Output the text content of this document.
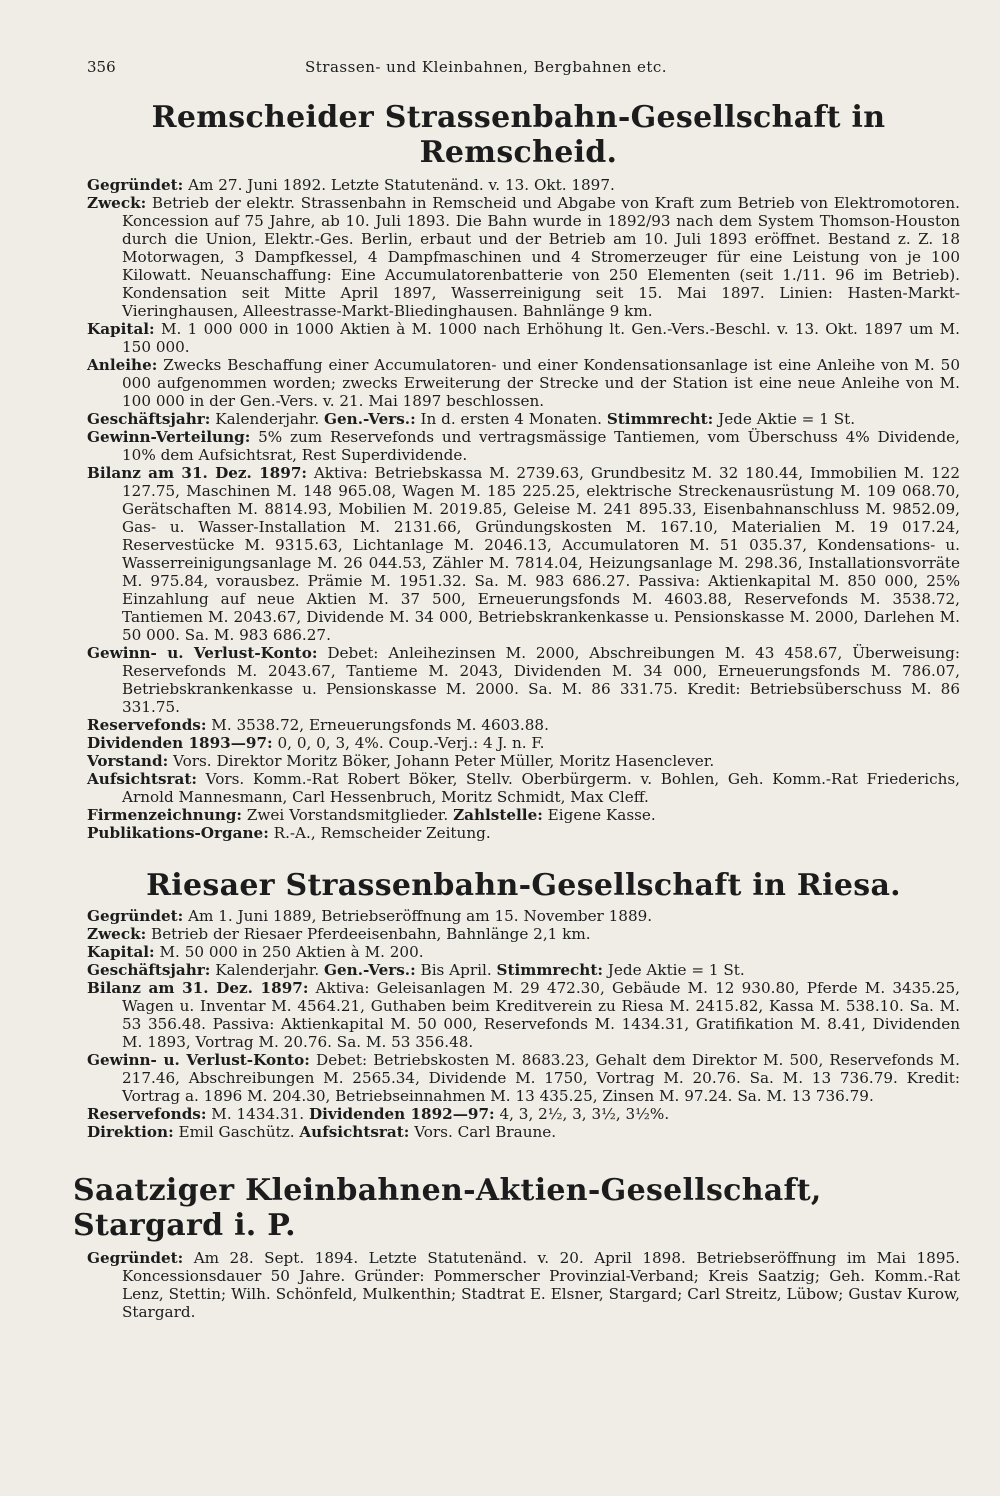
356	Strassen- und Kleinbahnen, Bergbahnen etc.
Remscheider Strassenbahn-Gesellschaft in Remscheid.

Gegründet: Am 27. Juni 1892. Letzte Statutenänd. v. 13. Okt. 1897.

Zweck: Betrieb der elektr. Strassenbahn in Remscheid und Abgabe von Kraft zum Betrieb von Elektromotoren. Koncession auf 75 Jahre, ab 10. Juli 1893. Die Bahn wurde in 1892/93 nach dem System Thomson-Houston durch die Union, Elektr.-Ges. Berlin, erbaut und der Betrieb am 10. Juli 1893 eröffnet. Bestand z. Z. 18 Motorwagen, 3 Dampfkessel, 4 Dampfmaschinen und 4 Stromerzeuger für eine Leistung von je 100 Kilowatt. Neuanschaffung: Eine Accumulatorenbatterie von 250 Elementen (seit 1./11. 96 im Betrieb). Kondensation seit Mitte April 1897, Wasserreinigung seit 15. Mai 1897. Linien: Hasten-Markt-Vieringhausen, Alleestrasse-Markt-Bliedinghausen. Bahnlänge 9 km.

Kapital: M. 1 000 000 in 1000 Aktien à M. 1000 nach Erhöhung lt. Gen.-Vers.-Beschl. v. 13. Okt. 1897 um M. 150 000.

Anleihe: Zwecks Beschaffung einer Accumulatoren- und einer Kondensationsanlage ist eine Anleihe von M. 50 000 aufgenommen worden; zwecks Erweiterung der Strecke und der Station ist eine neue Anleihe von M. 100 000 in der Gen.-Vers. v. 21. Mai 1897 beschlossen.

Geschäftsjahr: Kalenderjahr. Gen.-Vers.: In d. ersten 4 Monaten. Stimmrecht: Jede Aktie = 1 St.

Gewinn-Verteilung: 5% zum Reservefonds und vertragsmässige Tantiemen, vom Überschuss 4% Dividende, 10% dem Aufsichtsrat, Rest Superdividende.

Bilanz am 31. Dez. 1897: Aktiva: Betriebskassa M. 2739.63, Grundbesitz M. 32 180.44, Immobilien M. 122 127.75, Maschinen M. 148 965.08, Wagen M. 185 225.25, elektrische Streckenausrüstung M. 109 068.70, Gerätschaften M. 8814.93, Mobilien M. 2019.85, Geleise M. 241 895.33, Eisenbahnanschluss M. 9852.09, Gas- u. Wasser-Installation M. 2131.66, Gründungskosten M. 167.10, Materialien M. 19 017.24, Reservestücke M. 9315.63, Lichtanlage M. 2046.13, Accumulatoren M. 51 035.37, Kondensations- u. Wasserreinigungsanlage M. 26 044.53, Zähler M. 7814.04, Heizungsanlage M. 298.36, Installationsvorräte M. 975.84, vorausbez. Prämie M. 1951.32. Sa. M. 983 686.27. Passiva: Aktienkapital M. 850 000, 25% Einzahlung auf neue Aktien M. 37 500, Erneuerungsfonds M. 4603.88, Reservefonds M. 3538.72, Tantiemen M. 2043.67, Dividende M. 34 000, Betriebskrankenkasse u. Pensionskasse M. 2000, Darlehen M. 50 000. Sa. M. 983 686.27.

Gewinn- u. Verlust-Konto: Debet: Anleihezinsen M. 2000, Abschreibungen M. 43 458.67, Überweisung: Reservefonds M. 2043.67, Tantieme M. 2043, Dividenden M. 34 000, Erneuerungsfonds M. 786.07, Betriebskrankenkasse u. Pensionskasse M. 2000. Sa. M. 86 331.75. Kredit: Betriebsüberschuss M. 86 331.75.

Reservefonds: M. 3538.72, Erneuerungsfonds M. 4603.88.

Dividenden 1893—97: 0, 0, 0, 3, 4%. Coup.-Verj.: 4 J. n. F.

Vorstand: Vors. Direktor Moritz Böker, Johann Peter Müller, Moritz Hasenclever.

Aufsichtsrat: Vors. Komm.-Rat Robert Böker, Stellv. Oberbürgerm. v. Bohlen, Geh. Komm.-Rat Friederichs, Arnold Mannesmann, Carl Hessenbruch, Moritz Schmidt, Max Cleff.

Firmenzeichnung: Zwei Vorstandsmitglieder. Zahlstelle: Eigene Kasse.

Publikations-Organe: R.-A., Remscheider Zeitung.

Riesaer Strassenbahn-Gesellschaft in Riesa.

Gegründet: Am 1. Juni 1889, Betriebseröffnung am 15. November 1889.

Zweck: Betrieb der Riesaer Pferdeeisenbahn, Bahnlänge 2,1 km.

Kapital: M. 50 000 in 250 Aktien à M. 200.

Geschäftsjahr: Kalenderjahr. Gen.-Vers.: Bis April. Stimmrecht: Jede Aktie = 1 St.

Bilanz am 31. Dez. 1897: Aktiva: Geleisanlagen M. 29 472.30, Gebäude M. 12 930.80, Pferde M. 3435.25, Wagen u. Inventar M. 4564.21, Guthaben beim Kreditverein zu Riesa M. 2415.82, Kassa M. 538.10. Sa. M. 53 356.48. Passiva: Aktienkapital M. 50 000, Reservefonds M. 1434.31, Gratifikation M. 8.41, Dividenden M. 1893, Vortrag M. 20.76. Sa. M. 53 356.48.

Gewinn- u. Verlust-Konto: Debet: Betriebskosten M. 8683.23, Gehalt dem Direktor M. 500, Reservefonds M. 217.46, Abschreibungen M. 2565.34, Dividende M. 1750, Vortrag M. 20.76. Sa. M. 13 736.79. Kredit: Vortrag a. 1896 M. 204.30, Betriebseinnahmen M. 13 435.25, Zinsen M. 97.24. Sa. M. 13 736.79.

Reservefonds: M. 1434.31. Dividenden 1892—97: 4, 3, 2½, 3, 3½, 3½%.

Direktion: Emil Gaschütz. Aufsichtsrat: Vors. Carl Braune.

Saatziger Kleinbahnen-Aktien-Gesellschaft, Stargard i. P.

Gegründet: Am 28. Sept. 1894. Letzte Statutenänd. v. 20. April 1898. Betriebseröffnung im Mai 1895. Koncessionsdauer 50 Jahre. Gründer: Pommerscher Provinzial-Verband; Kreis Saatzig; Geh. Komm.-Rat Lenz, Stettin; Wilh. Schönfeld, Mulkenthin; Stadtrat E. Elsner, Stargard; Carl Streitz, Lübow; Gustav Kurow, Stargard.
